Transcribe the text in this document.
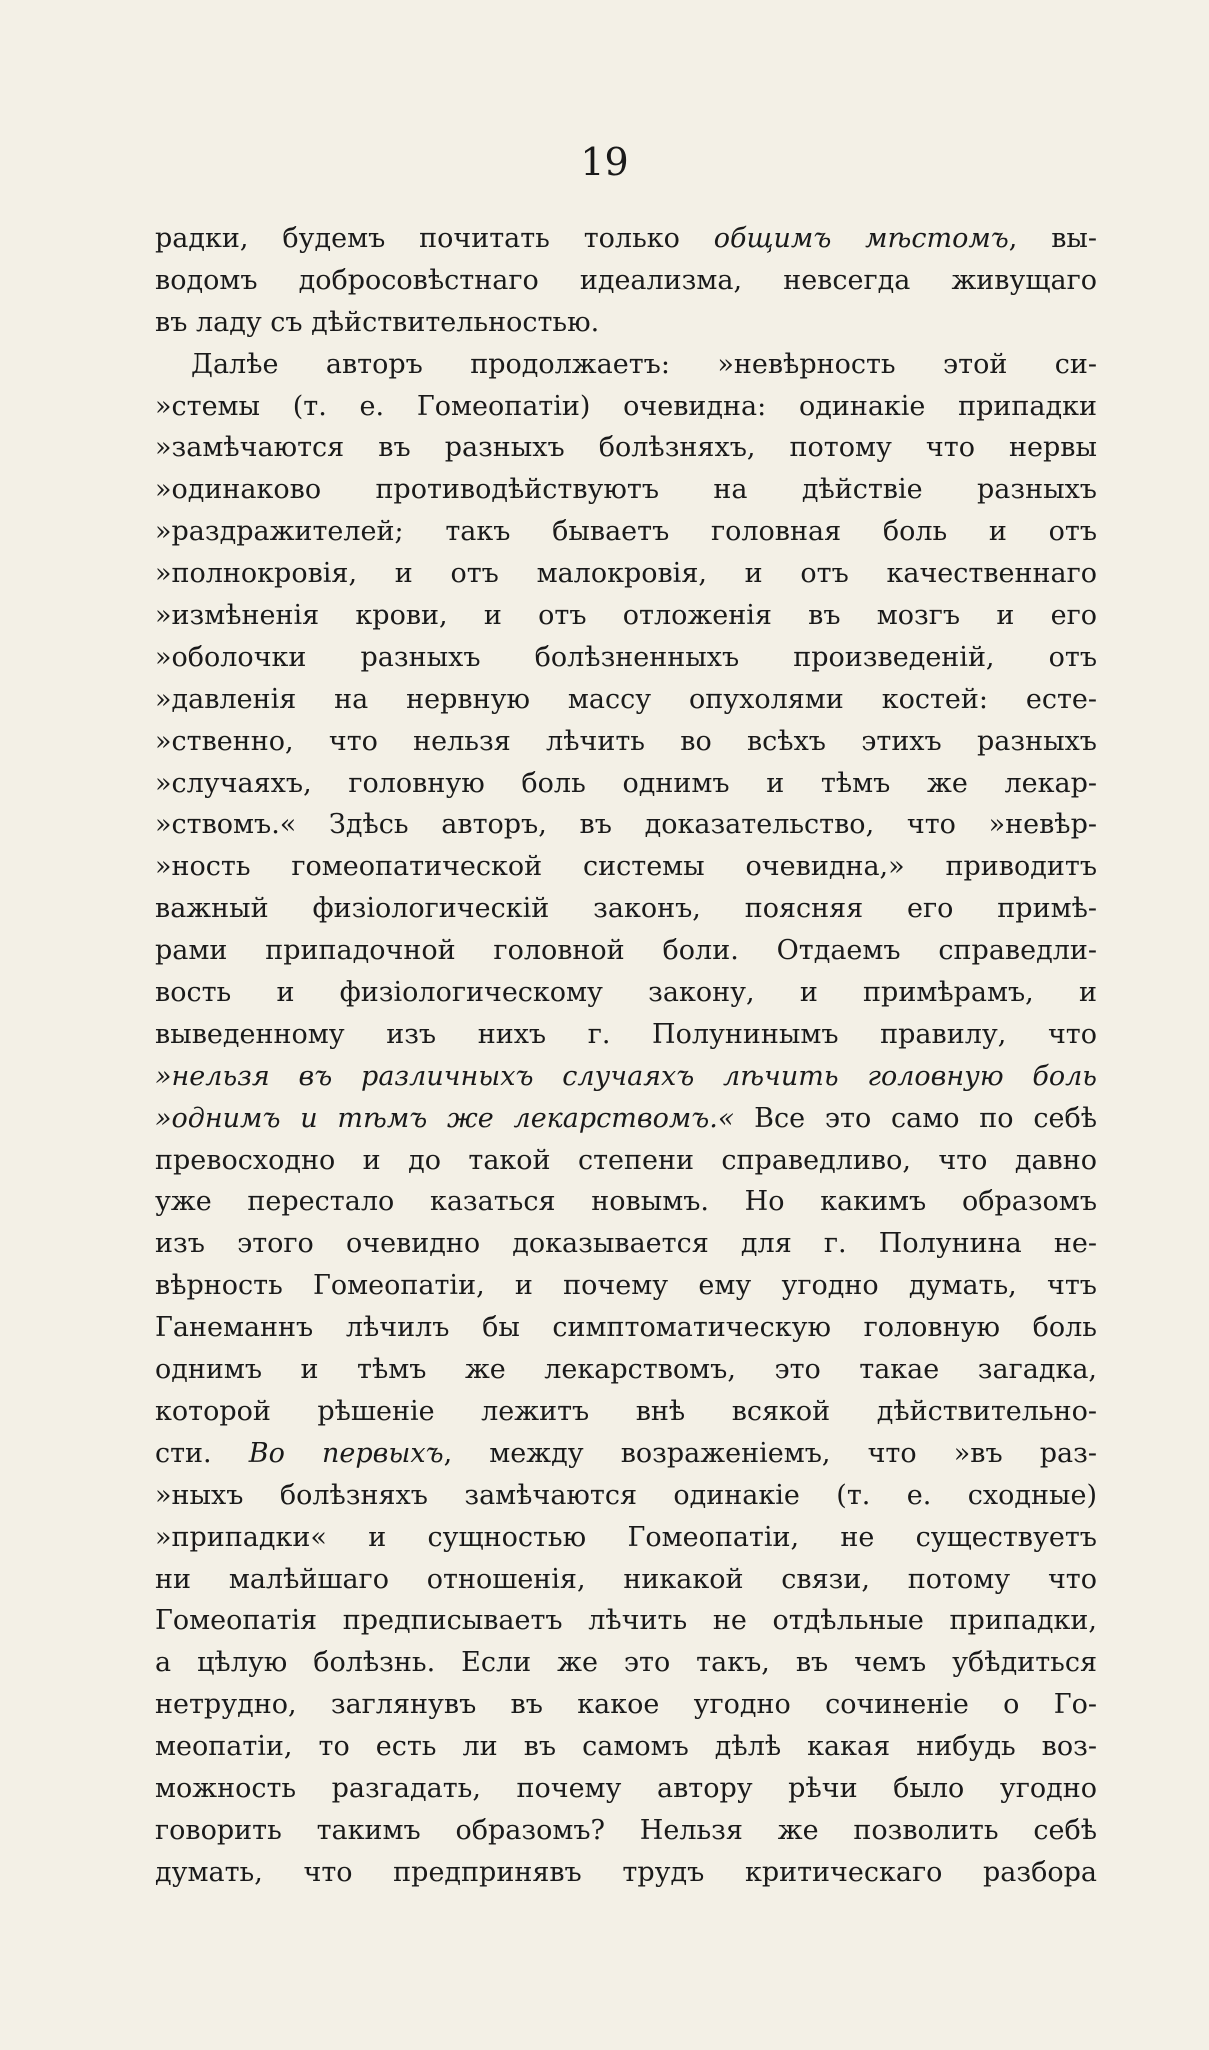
19
радки, будемъ почитать только общимъ мѣстомъ, вы-
водомъ добросовѣстнаго идеализма, невсегда живущаго
въ ладу съ дѣйствительностью.
Далѣе авторъ продолжаетъ: »невѣрность этой си-
»стемы (т. е. Гомеопатіи) очевидна: одинакіе припадки
»замѣчаются въ разныхъ болѣзняхъ, потому что нервы
»одинаково противодѣйствуютъ на дѣйствіе разныхъ
»раздражителей; такъ бываетъ головная боль и отъ
»полнокровія, и отъ малокровія, и отъ качественнаго
»измѣненія крови, и отъ отложенія въ мозгъ и его
»оболочки разныхъ болѣзненныхъ произведеній, отъ
»давленія на нервную массу опухолями костей: есте-
»ственно, что нельзя лѣчить во всѣхъ этихъ разныхъ
»случаяхъ, головную боль однимъ и тѣмъ же лекар-
»ствомъ.« Здѣсь авторъ, въ доказательство, что »невѣр-
»ность гомеопатической системы очевидна,» приводитъ
важный физіологическій законъ, поясняя его примѣ-
рами припадочной головной боли. Отдаемъ справедли-
вость и физіологическому закону, и примѣрамъ, и
выведенному изъ нихъ г. Полунинымъ правилу, что
»нельзя въ различныхъ случаяхъ лѣчить головную боль
»однимъ и тѣмъ же лекарствомъ.« Все это само по себѣ
превосходно и до такой степени справедливо, что давно
уже перестало казаться новымъ. Но какимъ образомъ
изъ этого очевидно доказывается для г. Полунина не-
вѣрность Гомеопатіи, и почему ему угодно думать, чтъ
Ганеманнъ лѣчилъ бы симптоматическую головную боль
однимъ и тѣмъ же лекарствомъ, это такае загадка,
которой рѣшеніе лежитъ внѣ всякой дѣйствительно-
сти. Во первыхъ, между возраженіемъ, что »въ раз-
»ныхъ болѣзняхъ замѣчаются одинакіе (т. е. сходные)
»припадки« и сущностью Гомеопатіи, не существуетъ
ни малѣйшаго отношенія, никакой связи, потому что
Гомеопатія предписываетъ лѣчить не отдѣльные припадки,
а цѣлую болѣзнь. Если же это такъ, въ чемъ убѣдиться
нетрудно, заглянувъ въ какое угодно сочиненіе о Го-
меопатіи, то есть ли въ самомъ дѣлѣ какая нибудь воз-
можность разгадать, почему автору рѣчи было угодно
говорить такимъ образомъ? Нельзя же позволить себѣ
думать, что предпринявъ трудъ критическаго разбора
